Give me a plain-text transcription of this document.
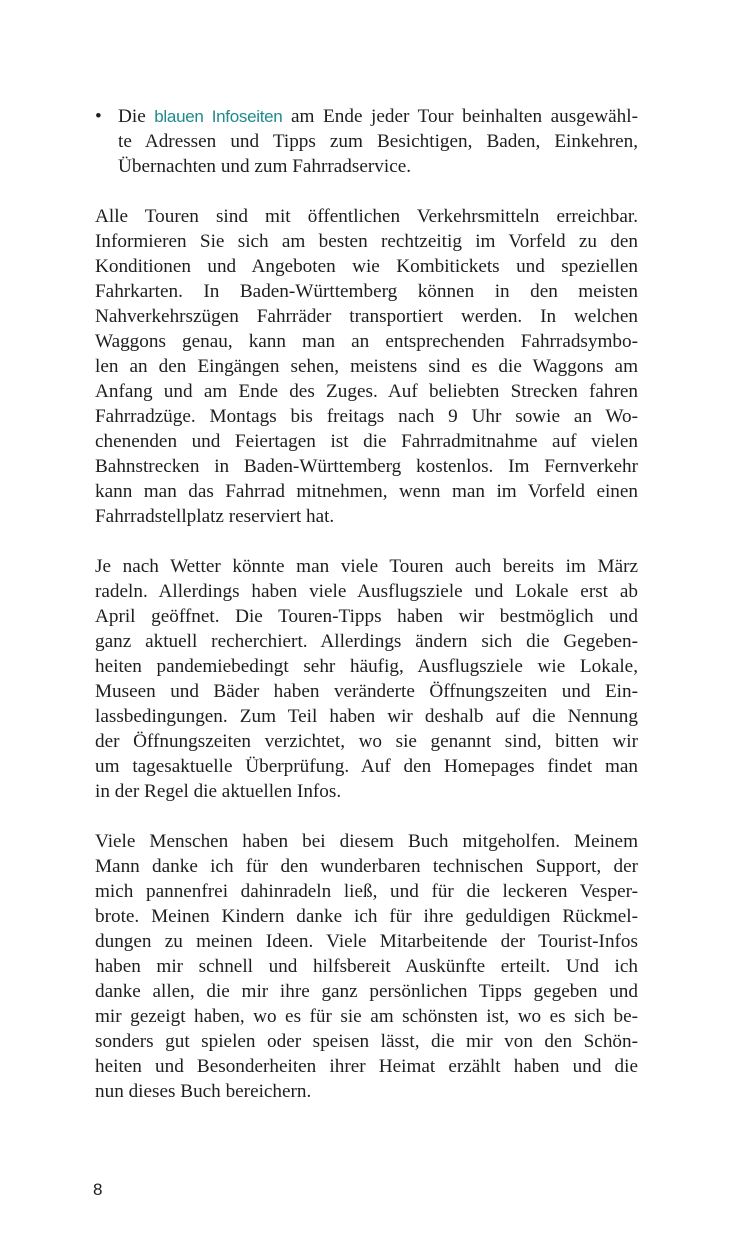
• Die blauen Infoseiten am Ende jeder Tour beinhalten ausgewähl-
te Adressen und Tipps zum Besichtigen, Baden, Einkehren,
Übernachten und zum Fahrradservice.
Alle Touren sind mit öffentlichen Verkehrsmitteln erreichbar.
Informieren Sie sich am besten rechtzeitig im Vorfeld zu den
Konditionen und Angeboten wie Kombitickets und speziellen
Fahrkarten. In Baden-Württemberg können in den meisten
Nahverkehrszügen Fahrräder transportiert werden. In welchen
Waggons genau, kann man an entsprechenden Fahrradsymbo-
len an den Eingängen sehen, meistens sind es die Waggons am
Anfang und am Ende des Zuges. Auf beliebten Strecken fahren
Fahrradzüge. Montags bis freitags nach 9 Uhr sowie an Wo-
chenenden und Feiertagen ist die Fahrradmitnahme auf vielen
Bahnstrecken in Baden-Württemberg kostenlos. Im Fernverkehr
kann man das Fahrrad mitnehmen, wenn man im Vorfeld einen
Fahrradstellplatz reserviert hat.
Je nach Wetter könnte man viele Touren auch bereits im März
radeln. Allerdings haben viele Ausflugsziele und Lokale erst ab
April geöffnet. Die Touren-Tipps haben wir bestmöglich und
ganz aktuell recherchiert. Allerdings ändern sich die Gegeben-
heiten pandemiebedingt sehr häufig, Ausflugsziele wie Lokale,
Museen und Bäder haben veränderte Öffnungszeiten und Ein-
lassbedingungen. Zum Teil haben wir deshalb auf die Nennung
der Öffnungszeiten verzichtet, wo sie genannt sind, bitten wir
um tagesaktuelle Überprüfung. Auf den Homepages findet man
in der Regel die aktuellen Infos.
Viele Menschen haben bei diesem Buch mitgeholfen. Meinem
Mann danke ich für den wunderbaren technischen Support, der
mich pannenfrei dahinradeln ließ, und für die leckeren Vesper-
brote. Meinen Kindern danke ich für ihre geduldigen Rückmel-
dungen zu meinen Ideen. Viele Mitarbeitende der Tourist-Infos
haben mir schnell und hilfsbereit Auskünfte erteilt. Und ich
danke allen, die mir ihre ganz persönlichen Tipps gegeben und
mir gezeigt haben, wo es für sie am schönsten ist, wo es sich be-
sonders gut spielen oder speisen lässt, die mir von den Schön-
heiten und Besonderheiten ihrer Heimat erzählt haben und die
nun dieses Buch bereichern.
8
